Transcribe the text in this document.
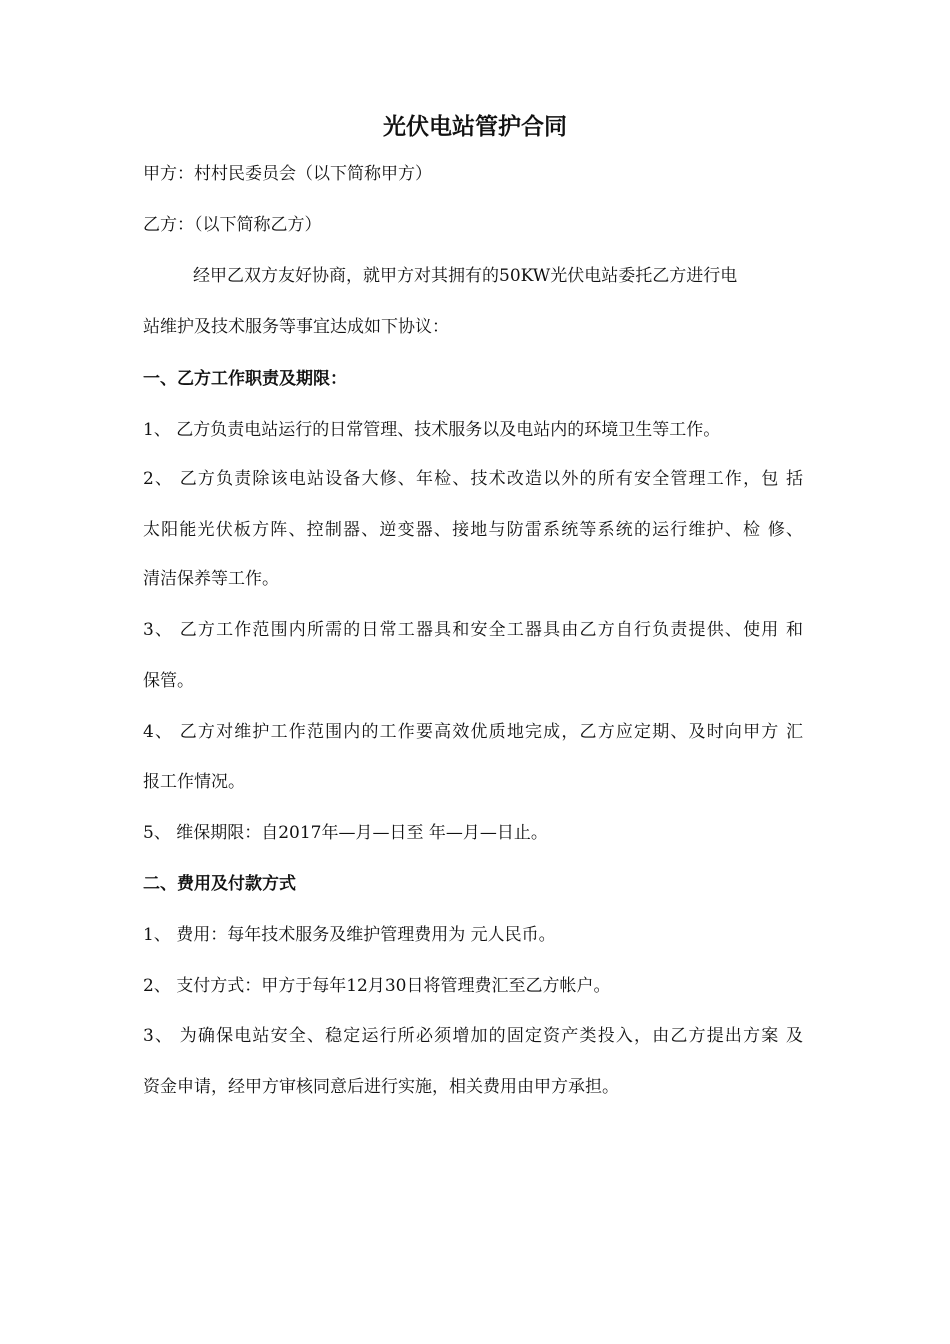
光伏电站管护合同
甲方：村村民委员会（以下简称甲方）
乙方：（以下简称乙方）
经甲乙双方友好协商，就甲方对其拥有的50KW光伏电站委托乙方进行电
站维护及技术服务等事宜达成如下协议：
一、乙方工作职责及期限：
1、 乙方负责电站运行的日常管理、技术服务以及电站内的环境卫生等工作。
2、 乙方负责除该电站设备大修、年检、技术改造以外的所有安全管理工作，包 括
太阳能光伏板方阵、控制器、逆变器、接地与防雷系统等系统的运行维护、检 修、
清洁保养等工作。
3、 乙方工作范围内所需的日常工器具和安全工器具由乙方自行负责提供、使用 和
保管。
4、 乙方对维护工作范围内的工作要高效优质地完成，乙方应定期、及时向甲方 汇
报工作情况。
5、 维保期限：自2017年—月—日至 年—月—日止。
二、费用及付款方式
1、 费用：每年技术服务及维护管理费用为 元人民币。
2、 支付方式：甲方于每年12月30日将管理费汇至乙方帐户。
3、 为确保电站安全、稳定运行所必须增加的固定资产类投入，由乙方提出方案 及
资金申请，经甲方审核同意后进行实施，相关费用由甲方承担。
